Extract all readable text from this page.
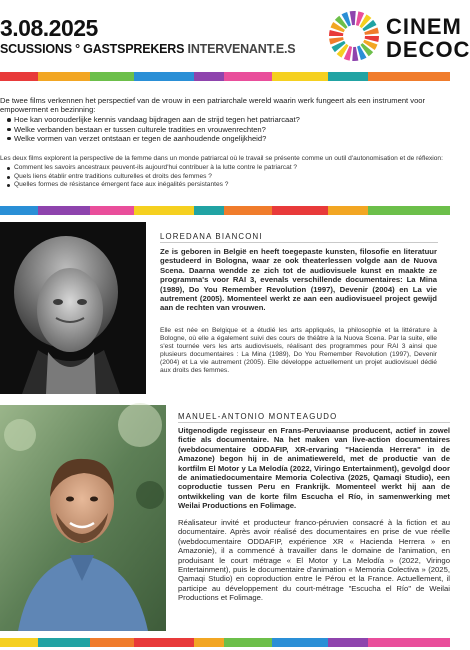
3.08.2025
SCUSSIONS ° GASTSPREKERS INTERVENANT.E.S
CINEM
DECOC

De twee films verkennen het perspectief van de vrouw in een patriarchale wereld waarin werk fungeert als een instrument voor empowerment en bezinning:

Hoe kan voorouderlijke kennis vandaag bijdragen aan de strijd tegen het patriarcaat?
Welke verbanden bestaan er tussen culturele tradities en vrouwenrechten?
Welke vormen van verzet ontstaan er tegen de aanhoudende ongelijkheid?

Les deux films explorent la perspective de la femme dans un monde patriarcal où le travail se présente comme un outil d'autonomisation et de réflexion:

Comment les savoirs ancestraux peuvent-ils aujourd'hui contribuer à la lutte contre le patriarcat ?
Quels liens établir entre traditions culturelles et droits des femmes ?
Quelles formes de résistance émergent face aux inégalités persistantes ?
LOREDANA BIANCONI
Ze is geboren in België en heeft toegepaste kunsten, filosofie en literatuur gestudeerd in Bologna, waar ze ook theaterlessen volgde aan de Nuova Scena. Daarna wendde ze zich tot de audiovisuele kunst en maakte ze programma's voor RAI 3, evenals verschillende documentaires: La Mina (1989), Do You Remember Revolution (1997), Devenir (2004) en La vie autrement (2005). Momenteel werkt ze aan een audiovisueel project gewijd aan de rechten van vrouwen.
Elle est née en Belgique et a étudié les arts appliqués, la philosophie et la littérature à Bologne, où elle a également suivi des cours de théâtre à la Nuova Scena. Par la suite, elle s'est tournée vers les arts audiovisuels, réalisant des programmes pour RAI 3 ainsi que plusieurs documentaires : La Mina (1989), Do You Remember Revolution (1997), Devenir (2004) et La vie autrement (2005). Elle développe actuellement un projet audiovisuel dédié aux droits des femmes.
MANUEL-ANTONIO MONTEAGUDO
Uitgenodigde regisseur en Frans-Peruviaanse producent, actief in zowel fictie als documentaire. Na het maken van live-action documentaires (webdocumentaire ODDAFIP, XR-ervaring "Hacienda Herrera" in de Amazone) begon hij in de animatiewereld, met de productie van de kortfilm El Motor y La Melodía (2022, Viringo Entertainment), gevolgd door de animatiedocumentaire Memoria Colectiva (2025, Qamaqi Studio), een coproductie tussen Peru en Frankrijk. Momenteel werkt hij aan de ontwikkeling van de korte film Escucha el Río, in samenwerking met Weilai Productions en Folimage.
Réalisateur invité et producteur franco-péruvien consacré à la fiction et au documentaire. Après avoir réalisé des documentaires en prise de vue réelle (webdocumentaire ODDAFIP, expérience XR « Hacienda Herrera » en Amazonie), il a commencé à travailler dans le domaine de l'animation, en produisant le court métrage « El Motor y La Melodía » (2022, Viringo Entertainment), puis le documentaire d'animation « Memoria Colectiva » (2025, Qamaqi Studio) en coproduction entre le Pérou et la France. Actuellement, il participe au développement du court-métrage "Escucha el Río" de Weilai Productions et Folimage.
